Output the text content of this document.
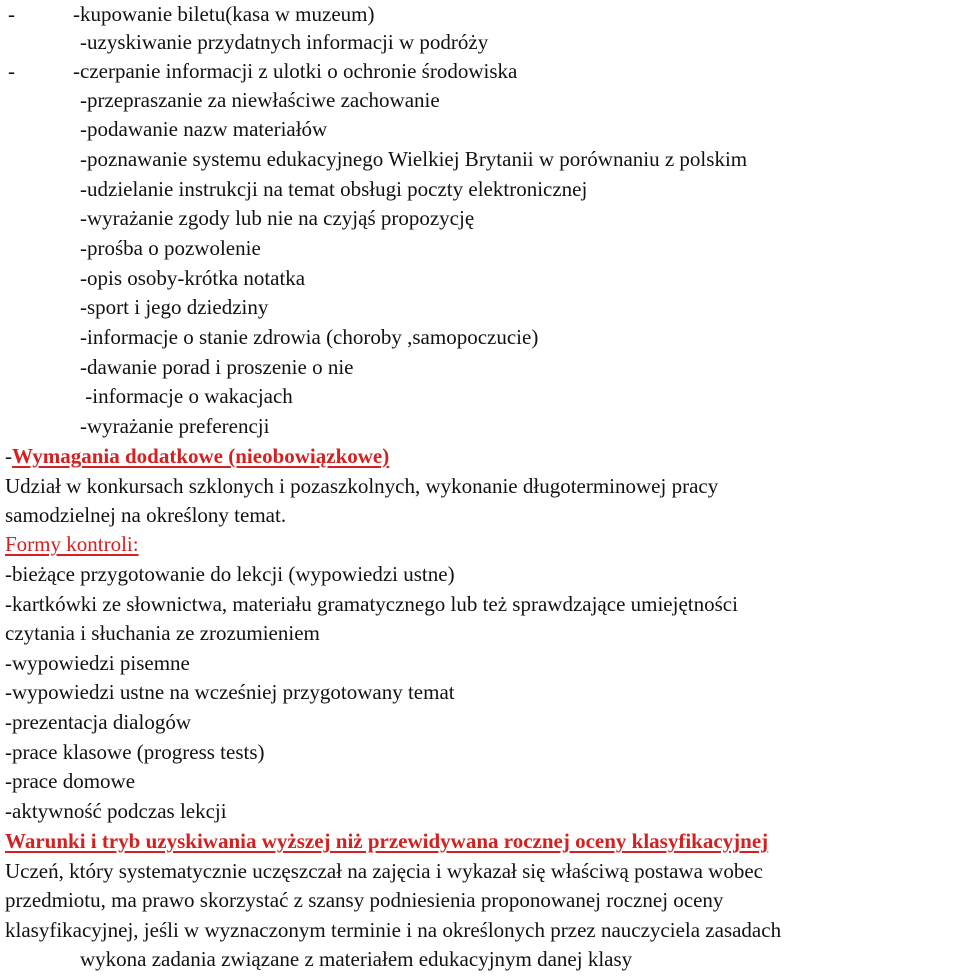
-	-kupowanie biletu(kasa w muzeum)
-uzyskiwanie przydatnych informacji w podróży
-	-czerpanie informacji z ulotki o ochronie środowiska
-przepraszanie za niewłaściwe zachowanie
-podawanie nazw materiałów
-poznawanie systemu edukacyjnego Wielkiej Brytanii w porównaniu z polskim
-udzielanie instrukcji na temat obsługi poczty elektronicznej
-wyrażanie zgody lub nie na czyjąś propozycję
-prośba o pozwolenie
-opis osoby-krótka notatka
-sport i jego dziedziny
-informacje o stanie zdrowia (choroby ,samopoczucie)
-dawanie porad i proszenie o nie
-informacje o wakacjach
-wyrażanie preferencji
-Wymagania dodatkowe (nieobowiązkowe)
Udział w konkursach szklonych i pozaszkolnych, wykonanie długoterminowej pracy
samodzielnej na określony temat.
Formy kontroli:
-bieżące przygotowanie do lekcji (wypowiedzi ustne)
-kartkówki ze słownictwa, materiału gramatycznego lub też sprawdzające umiejętności
czytania i słuchania ze zrozumieniem
-wypowiedzi pisemne
-wypowiedzi ustne na wcześniej przygotowany temat
-prezentacja dialogów
-prace klasowe (progress tests)
-prace domowe
-aktywność podczas lekcji
Warunki i tryb uzyskiwania wyższej niż przewidywana rocznej oceny klasyfikacyjnej
Uczeń, który systematycznie uczęszczał na zajęcia i wykazał się właściwą postawa wobec
przedmiotu, ma prawo skorzystać z szansy podniesienia proponowanej rocznej oceny
klasyfikacyjnej, jeśli w wyznaczonym terminie i na określonych przez nauczyciela zasadach
wykona zadania związane z materiałem edukacyjnym danej klasy
